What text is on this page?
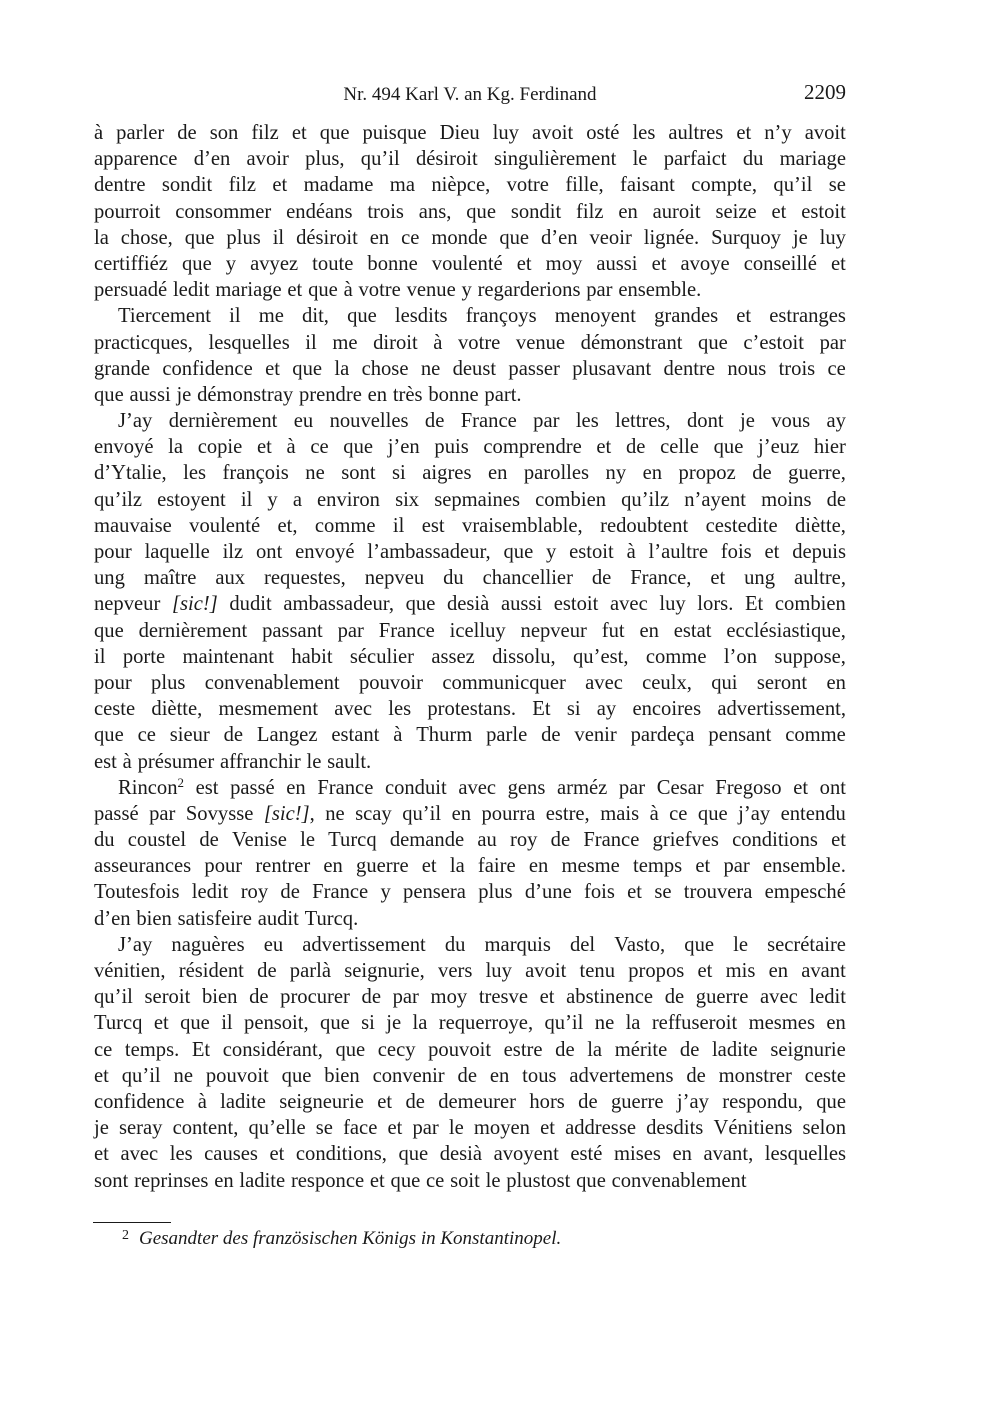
Nr. 494 Karl V. an Kg. Ferdinand	2209
à parler de son filz et que puisque Dieu luy avoit osté les aultres et n’y avoit
apparence d’en avoir plus, qu’il désiroit singulièrement le parfaict du mariage
dentre sondit filz et madame ma nièpce, votre fille, faisant compte, qu’il se
pourroit consommer endéans trois ans, que sondit filz en auroit seize et estoit
la chose, que plus il désiroit en ce monde que d’en veoir lignée. Surquoy je luy
certiffiéz que y avyez toute bonne voulenté et moy aussi et avoye conseillé et
persuadé ledit mariage et que à votre venue y regarderions par ensemble.
Tiercement il me dit, que lesdits françoys menoyent grandes et estranges
practicques, lesquelles il me diroit à votre venue démonstrant que c’estoit par
grande confidence et que la chose ne deust passer plusavant dentre nous trois ce
que aussi je démonstray prendre en très bonne part.
J’ay dernièrement eu nouvelles de France par les lettres, dont je vous ay
envoyé la copie et à ce que j’en puis comprendre et de celle que j’euz hier
d’Ytalie, les françois ne sont si aigres en parolles ny en propoz de guerre,
qu’ilz estoyent il y a environ six sepmaines combien qu’ilz n’ayent moins de
mauvaise voulenté et, comme il est vraisemblable, redoubtent cestedite diètte,
pour laquelle ilz ont envoyé l’ambassadeur, que y estoit à l’aultre fois et depuis
ung maître aux requestes, nepveu du chancellier de France, et ung aultre,
nepveur [sic!] dudit ambassadeur, que desià aussi estoit avec luy lors. Et combien
que dernièrement passant par France icelluy nepveur fut en estat ecclésiastique,
il porte maintenant habit séculier assez dissolu, qu’est, comme l’on suppose,
pour plus convenablement pouvoir communicquer avec ceulx, qui seront en
ceste diètte, mesmement avec les protestans. Et si ay encoires advertissement,
que ce sieur de Langez estant à Thurm parle de venir pardeça pensant comme
est à présumer affranchir le sault.
Rincon$^2$ est passé en France conduit avec gens arméz par Cesar Fregoso et ont
passé par Sovysse [sic!], ne scay qu’il en pourra estre, mais à ce que j’ay entendu
du coustel de Venise le Turcq demande au roy de France griefves conditions et
asseurances pour rentrer en guerre et la faire en mesme temps et par ensemble.
Toutesfois ledit roy de France y pensera plus d’une fois et se trouvera empesché
d’en bien satisfeire audit Turcq.
J’ay naguères eu advertissement du marquis del Vasto, que le secrétaire
vénitien, résident de parlà seignurie, vers luy avoit tenu propos et mis en avant
qu’il seroit bien de procurer de par moy tresve et abstinence de guerre avec ledit
Turcq et que il pensoit, que si je la requerroye, qu’il ne la reffuseroit mesmes en
ce temps. Et considérant, que cecy pouvoit estre de la mérite de ladite seignurie
et qu’il ne pouvoit que bien convenir de en tous advertemens de monstrer ceste
confidence à ladite seigneurie et de demeurer hors de guerre j’ay respondu, que
je seray content, qu’elle se face et par le moyen et addresse desdits Vénitiens selon
et avec les causes et conditions, que desià avoyent esté mises en avant, lesquelles
sont reprinses en ladite responce et que ce soit le plustost que convenablement
$^2$ Gesandter des französischen Königs in Konstantinopel.
